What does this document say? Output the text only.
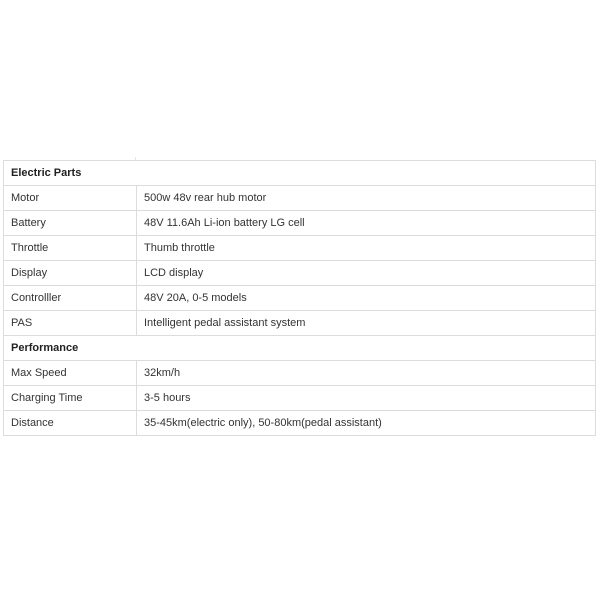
Electric Parts	
Motor	500w 48v rear hub motor
Battery	48V 11.6Ah Li-ion battery LG cell
Throttle	Thumb throttle
Display	LCD display
Controlller	48V 20A, 0-5 models
PAS	Intelligent pedal assistant system
Performance	
Max Speed	32km/h
Charging Time	3-5 hours
Distance	35-45km(electric only), 50-80km(pedal assistant)
